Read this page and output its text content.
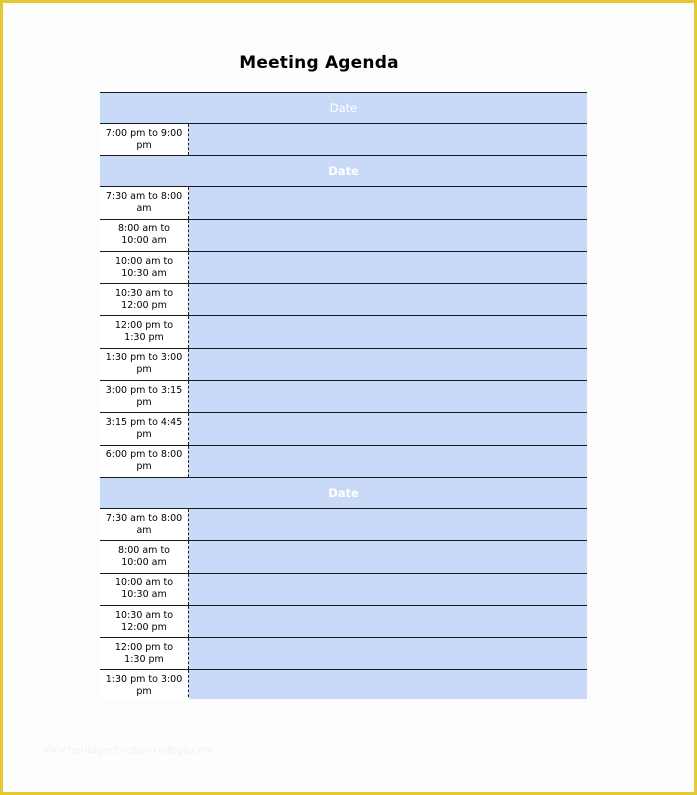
Meeting Agenda
Date
7:00 pm to 9:00 pm
Date
7:30 am to 8:00 am
8:00 am to 10:00 am
10:00 am to 10:30 am
10:30 am to 12:00 pm
12:00 pm to 1:30 pm
1:30 pm to 3:00 pm
3:00 pm to 3:15 pm
3:15 pm to 4:45 pm
6:00 pm to 8:00 pm
Date
7:30 am to 8:00 am
8:00 am to 10:00 am
10:00 am to 10:30 am
10:30 am to 12:00 pm
12:00 pm to 1:30 pm
1:30 pm to 3:00 pm
www.heritagechristiancollege.com
